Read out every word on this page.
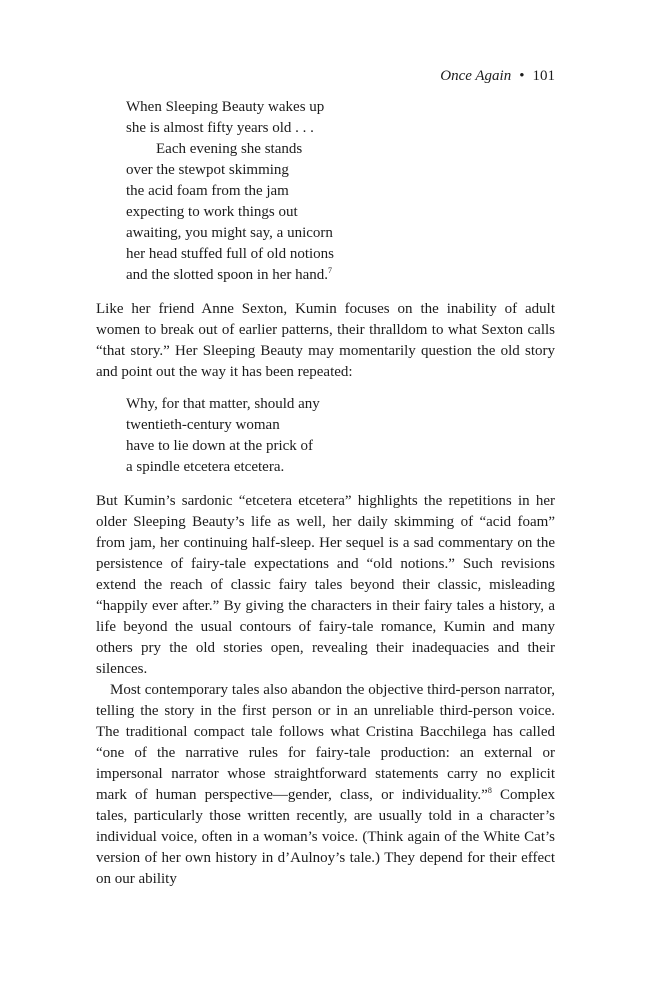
Once Again • 101
When Sleeping Beauty wakes up
she is almost fifty years old . . .
Each evening she stands
over the stewpot skimming
the acid foam from the jam
expecting to work things out
awaiting, you might say, a unicorn
her head stuffed full of old notions
and the slotted spoon in her hand.$^7$

Like her friend Anne Sexton, Kumin focuses on the inability of adult women to break out of earlier patterns, their thralldom to what Sexton calls “that story.” Her Sleeping Beauty may momentarily question the old story and point out the way it has been repeated:

Why, for that matter, should any
twentieth-century woman
have to lie down at the prick of
a spindle etcetera etcetera.

But Kumin’s sardonic “etcetera etcetera” highlights the repetitions in her older Sleeping Beauty’s life as well, her daily skimming of “acid foam” from jam, her continuing half-sleep. Her sequel is a sad commentary on the persistence of fairy-tale expectations and “old notions.” Such revisions extend the reach of classic fairy tales beyond their classic, misleading “happily ever after.” By giving the characters in their fairy tales a history, a life beyond the usual contours of fairy-tale romance, Kumin and many others pry the old stories open, revealing their inadequacies and their silences.

Most contemporary tales also abandon the objective third-person narrator, telling the story in the first person or in an unreliable third-person voice. The traditional compact tale follows what Cristina Bacchilega has called “one of the narrative rules for fairy-tale production: an external or impersonal narrator whose straightforward statements carry no explicit mark of human perspective—gender, class, or individuality.”$^8$ Complex tales, particularly those written recently, are usually told in a character’s individual voice, often in a woman’s voice. (Think again of the White Cat’s version of her own history in d’Aulnoy’s tale.) They depend for their effect on our ability
